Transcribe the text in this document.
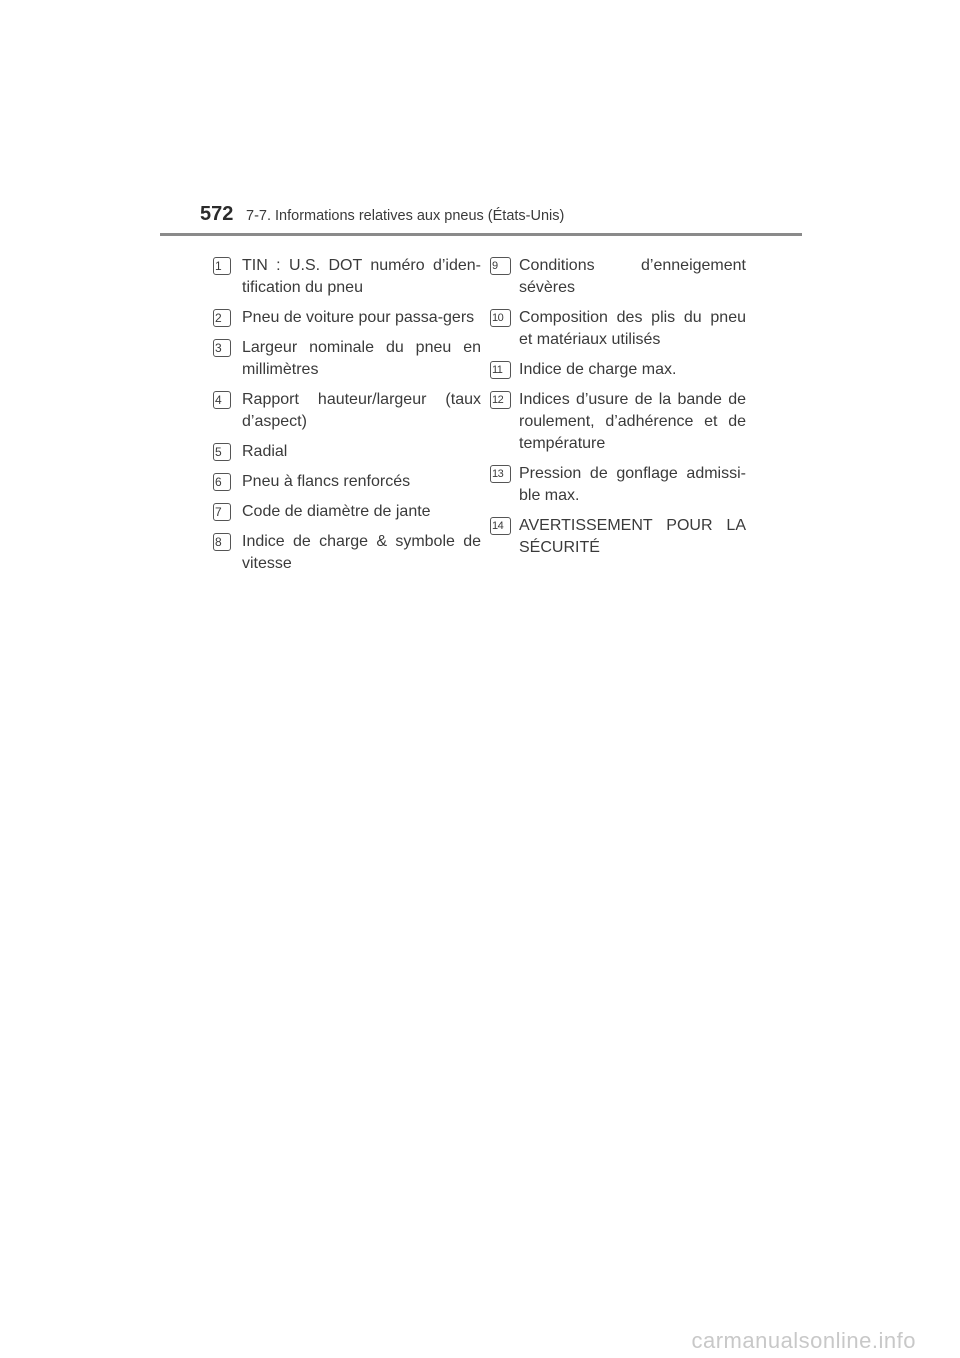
572 7-7. Informations relatives aux pneus (États-Unis)
1	TIN : U.S. DOT numéro d’iden-tification du pneu
2	Pneu de voiture pour passa-gers
3	Largeur nominale du pneu en millimètres
4	Rapport hauteur/largeur (taux d’aspect)
5	Radial
6	Pneu à flancs renforcés
7	Code de diamètre de jante
8	Indice de charge & symbole de vitesse
9	Conditions d’enneigement sévères
10 Composition des plis du pneu et matériaux utilisés
11	Indice de charge max.
12 Indices d’usure de la bande de roulement, d’adhérence et de température
13 Pression de gonflage admissi-ble max.
14 AVERTISSEMENT POUR LA SÉCURITÉ
carmanualsonline.info
